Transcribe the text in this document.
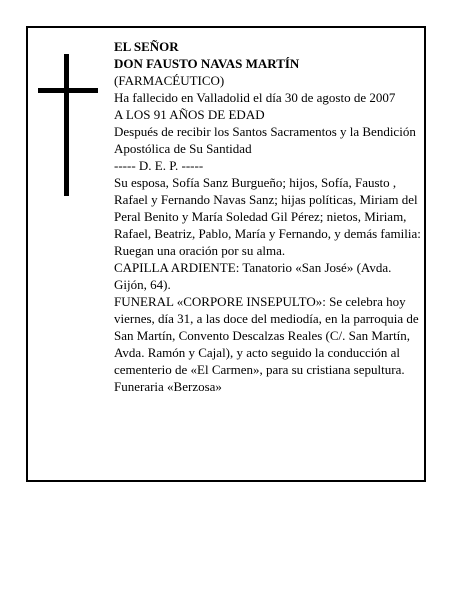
EL SEÑOR

DON FAUSTO NAVAS MARTÍN

(FARMACÉUTICO)

Ha fallecido en Valladolid el día 30 de agosto de 2007

A LOS 91 AÑOS DE EDAD

Después de recibir los Santos Sacramentos y la Bendición Apostólica de Su Santidad

----- D. E. P. -----

Su esposa, Sofía Sanz Burgueño; hijos, Sofía, Fausto , Rafael y Fernando Navas Sanz; hijas políticas, Miriam del Peral Benito y María Soledad Gil Pérez; nietos, Miriam, Rafael, Beatriz, Pablo, María y Fernando, y demás familia:

Ruegan una oración por su alma.

CAPILLA ARDIENTE: Tanatorio «San José» (Avda. Gijón, 64).

FUNERAL «CORPORE INSEPULTO»: Se celebra hoy viernes, día 31, a las doce del mediodía, en la parroquia de San Martín, Convento Descalzas Reales (C/. San Martín, Avda. Ramón y Cajal), y acto seguido la conducción al cementerio de «El Carmen», para su cristiana sepultura.

Funeraria «Berzosa»
